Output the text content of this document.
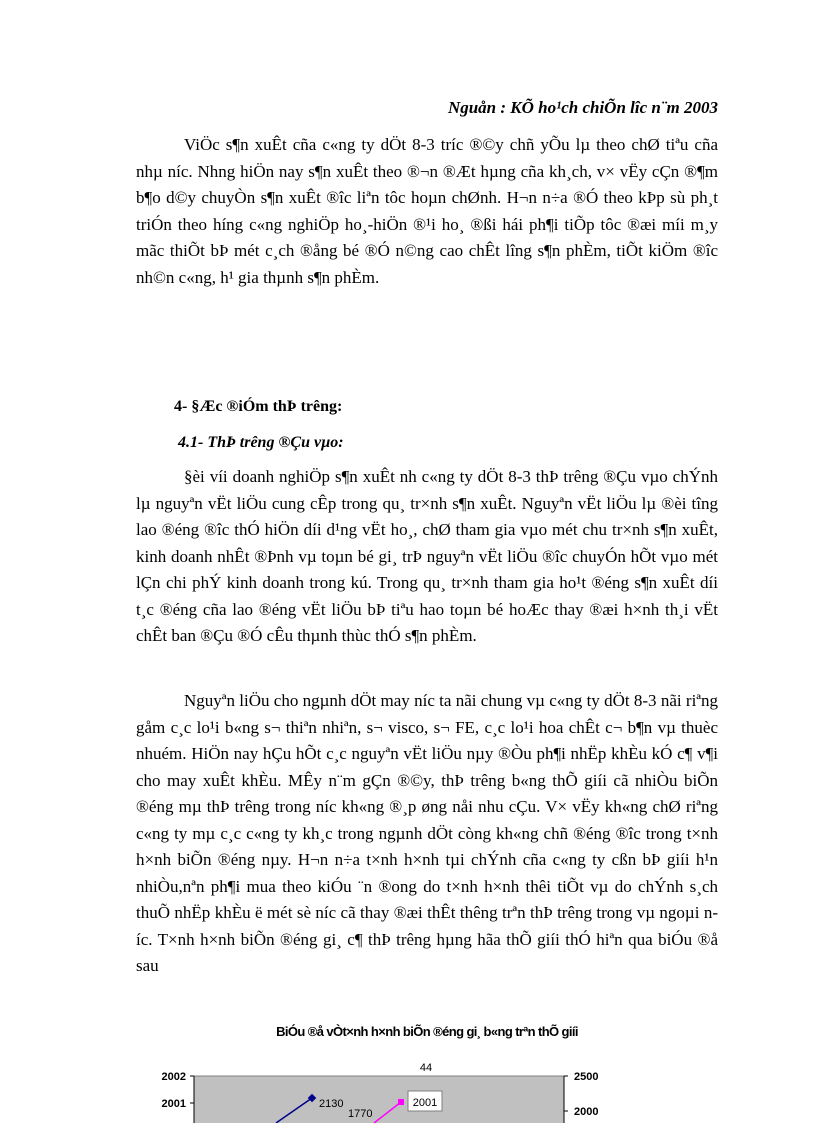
Nguån : KÕ ho¹ch chiÕn lîc n¨m 2003

ViÖc s¶n xuÊt cña c«ng ty dÖt 8-3 tríc ®©y chñ yÕu lµ theo chØ tiªu cña nhµ níc. Nhng hiÖn nay s¶n xuÊt theo ®¬n ®Æt hµng cña kh¸ch, v× vËy cÇn ®¶m b¶o d©y chuyÒn s¶n xuÊt ®îc liªn tôc hoµn chØnh. H¬n n÷a ®Ó theo kÞp sù ph¸t triÓn theo híng c«ng nghiÖp ho¸-hiÖn ®¹i ho¸ ®ßi hái ph¶i tiÕp tôc ®æi míi m¸y mãc thiÕt bÞ mét c¸ch ®ång bé ®Ó n©ng cao chÊt lîng s¶n phÈm, tiÕt kiÖm ®îc nh©n c«ng, h¹ gia thµnh s¶n phÈm.

4- §Æc ®iÓm thÞ trêng:
4.1- ThÞ trêng ®Çu vµo:

§èi víi doanh nghiÖp s¶n xuÊt nh c«ng ty dÖt 8-3 thÞ trêng ®Çu vµo chÝnh lµ nguyªn vËt liÖu cung cÊp trong qu¸ tr×nh s¶n xuÊt. Nguyªn vËt liÖu lµ ®èi tîng lao ®éng ®îc thÓ hiÖn díi d¹ng vËt ho¸, chØ tham gia vµo mét chu tr×nh s¶n xuÊt, kinh doanh nhÊt ®Þnh vµ toµn bé gi¸ trÞ nguyªn vËt liÖu ®îc chuyÓn hÕt vµo mét lÇn chi phÝ kinh doanh trong kú. Trong qu¸ tr×nh tham gia ho¹t ®éng s¶n xuÊt díi t¸c ®éng cña lao ®éng vËt liÖu bÞ tiªu hao toµn bé hoÆc thay ®æi h×nh th¸i vËt chÊt ban ®Çu ®Ó cÊu thµnh thùc thÓ s¶n phÈm.

Nguyªn liÖu cho ngµnh dÖt may níc ta nãi chung vµ c«ng ty dÖt 8-3 nãi riªng gåm c¸c lo¹i b«ng s¬ thiªn nhiªn, s¬ visco, s¬ FE, c¸c lo¹i hoa chÊt c¬ b¶n vµ thuèc nhuém. HiÖn nay hÇu hÕt c¸c nguyªn vËt liÖu nµy ®Òu ph¶i nhËp khÈu kÓ c¶ v¶i cho may xuÊt khÈu. MÊy n¨m gÇn ®©y, thÞ trêng b«ng thÕ giíi cã nhiÒu biÕn ®éng mµ thÞ trêng trong níc kh«ng ®¸p øng nåi nhu cÇu. V× vËy kh«ng chØ riªng c«ng ty mµ c¸c c«ng ty kh¸c trong ngµnh dÖt còng kh«ng chñ ®éng ®îc trong t×nh h×nh biÕn ®éng nµy. H¬n n÷a t×nh h×nh tµi chÝnh cña c«ng ty cßn bÞ giíi h¹n nhiÒu,nªn ph¶i mua theo kiÓu ¨n ®ong do t×nh h×nh thêi tiÕt vµ do chÝnh s¸ch thuÕ nhËp khÈu ë mét sè níc cã thay ®æi thÊt thêng trªn thÞ trêng trong vµ ngoµi níc. T×nh h×nh biÕn ®éng gi¸ c¶ thÞ trêng hµng hãa thÕ giíi thÓ hiªn qua biÓu ®å sau

BiÓu ®å vÒt×nh h×nh biÕn ®éng gi¸ b«ng trªn thÕ giíi
2002
2001
2500
2000
44
2130
1770
2001
